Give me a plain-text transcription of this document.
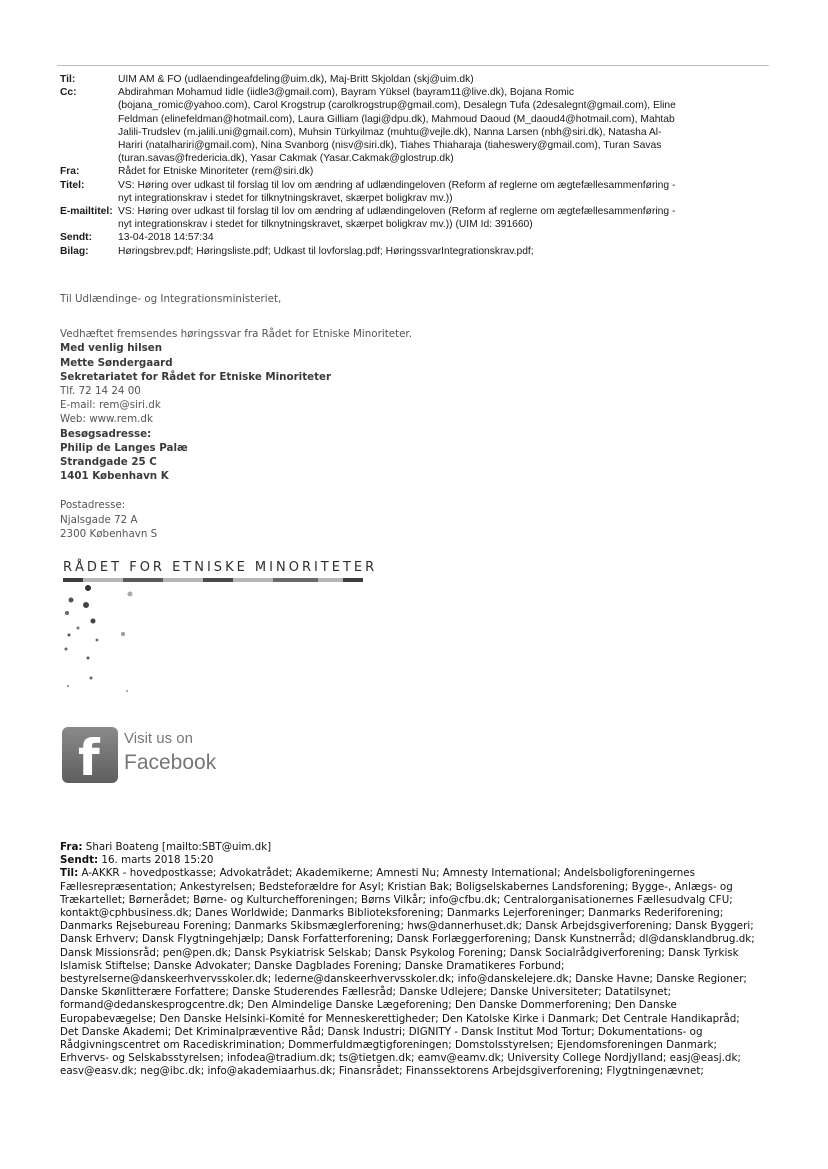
Til:	UIM AM & FO (udlaendingeafdeling@uim.dk), Maj-Britt Skjoldan (skj@uim.dk)
Cc:	Abdirahman Mohamud Iidle (iidle3@gmail.com), Bayram Yüksel (bayram11@live.dk), Bojana Romic
(bojana_romic@yahoo.com), Carol Krogstrup (carolkrogstrup@gmail.com), Desalegn Tufa (2desalegnt@gmail.com), Eline
Feldman (elinefeldman@hotmail.com), Laura Gilliam (lagi@dpu.dk), Mahmoud Daoud (M_daoud4@hotmail.com), Mahtab
Jalili-Trudslev (m.jalili.uni@gmail.com), Muhsin Türkyilmaz (muhtu@vejle.dk), Nanna Larsen (nbh@siri.dk), Natasha Al-
Hariri (natalhariri@gmail.com), Nina Svanborg (nisv@siri.dk), Tiahes Thiaharaja (tiaheswery@gmail.com), Turan Savas
(turan.savas@fredericia.dk), Yasar Cakmak (Yasar.Cakmak@glostrup.dk)
Fra:	Rådet for Etniske Minoriteter (rem@siri.dk)
Titel:	VS: Høring over udkast til forslag til lov om ændring af udlændingeloven (Reform af reglerne om ægtefællesammenføring -
nyt integrationskrav i stedet for tilknytningskravet, skærpet boligkrav mv.))
E-mailtitel: VS: Høring over udkast til forslag til lov om ændring af udlændingeloven (Reform af reglerne om ægtefællesammenføring -
nyt integrationskrav i stedet for tilknytningskravet, skærpet boligkrav mv.)) (UIM Id: 391660)
Sendt:	13-04-2018 14:57:34
Bilag:	Høringsbrev.pdf; Høringsliste.pdf; Udkast til lovforslag.pdf; HøringssvarIntegrationskrav.pdf;
Til Udlændinge- og Integrationsministeriet,
Vedhæftet fremsendes høringssvar fra Rådet for Etniske Minoriteter.
Med venlig hilsen
Mette Søndergaard
Sekretariatet for Rådet for Etniske Minoriteter
Tlf. 72 14 24 00
E-mail: rem@siri.dk
Web: www.rem.dk
Besøgsadresse:
Philip de Langes Palæ
Strandgade 25 C
1401 København K
Postadresse:
Njalsgade 72 A
2300 København S
RÅDET FOR ETNISKE MINORITETER
f Visit us on
Facebook
Fra: Shari Boateng [mailto:SBT@uim.dk]
Sendt: 16. marts 2018 15:20
Til: A-AKKR - hovedpostkasse; Advokatrådet; Akademikerne; Amnesti Nu; Amnesty International; Andelsboligforeningernes
Fællesrepræsentation; Ankestyrelsen; Bedsteforældre for Asyl; Kristian Bak; Boligselskabernes Landsforening; Bygge-, Anlægs- og
Trækartellet; Børnerådet; Børne- og Kulturchefforeningen; Børns Vilkår; info@cfbu.dk; Centralorganisationernes Fællesudvalg CFU;
kontakt@cphbusiness.dk; Danes Worldwide; Danmarks Biblioteksforening; Danmarks Lejerforeninger; Danmarks Rederiforening;
Danmarks Rejsebureau Forening; Danmarks Skibsmæglerforening; hws@dannerhuset.dk; Dansk Arbejdsgiverforening; Dansk Byggeri;
Dansk Erhverv; Dansk Flygtningehjælp; Dansk Forfatterforening; Dansk Forlæggerforening; Dansk Kunstnerråd; dl@dansklandbrug.dk;
Dansk Missionsråd; pen@pen.dk; Dansk Psykiatrisk Selskab; Dansk Psykolog Forening; Dansk Socialrådgiverforening; Dansk Tyrkisk
Islamisk Stiftelse; Danske Advokater; Danske Dagblades Forening; Danske Dramatikeres Forbund;
bestyrelserne@danskeerhvervsskoler.dk; lederne@danskeerhvervsskoler.dk; info@danskelejere.dk; Danske Havne; Danske Regioner;
Danske Skønlitterære Forfattere; Danske Studerendes Fællesråd; Danske Udlejere; Danske Universiteter; Datatilsynet;
formand@dedanskesprogcentre.dk; Den Almindelige Danske Lægeforening; Den Danske Dommerforening; Den Danske
Europabevægelse; Den Danske Helsinki-Komité for Menneskerettigheder; Den Katolske Kirke i Danmark; Det Centrale Handikapråd;
Det Danske Akademi; Det Kriminalpræventive Råd; Dansk Industri; DIGNITY - Dansk Institut Mod Tortur; Dokumentations- og
Rådgivningscentret om Racediskrimination; Dommerfuldmægtigforeningen; Domstolsstyrelsen; Ejendomsforeningen Danmark;
Erhvervs- og Selskabsstyrelsen; infodea@tradium.dk; ts@tietgen.dk; eamv@eamv.dk; University College Nordjylland; easj@easj.dk;
easv@easv.dk; neg@ibc.dk; info@akademiaarhus.dk; Finansrådet; Finanssektorens Arbejdsgiverforening; Flygtningenævnet;
